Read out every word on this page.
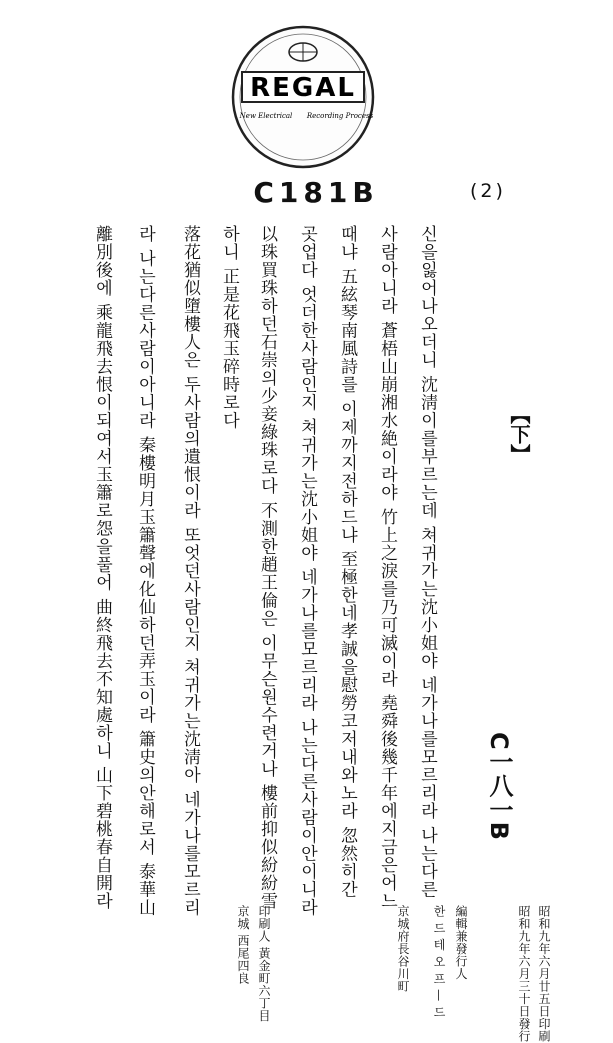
REGAL
New Electrical Recording Process
C181B	(2)
【下】
신을잃어나오더니 沈淸이를부르는데 쳐귀가는沈小姐야 네가나를모르리라 나는다른
사람아니라 蒼梧山崩湘水絶이라야 竹上之淚를乃可滅이라 堯舜後幾千年에지금은어느
때냐 五絃琴南風詩를 이제까지전하드냐 至極한네孝誠을慰勞코저내와노라 忽然히간
곳업다 엇더한사람인지 쳐귀가는沈小姐야 네가나를모르리라 나는다른사람이안이니라
以珠買珠하던石崇의少妾綠珠로다 不測한趙王倫은 이무슨원수련거나 樓前抑似紛紛雪
하니 正是花飛玉碎時로다
落花猶似墮樓人은 두사람의遺恨이라 또엇던사람인지 쳐귀가는沈淸아 네가나를모르리
라 나는다른사람이아니라 秦樓明月玉簫聲에化仙하던弄玉이라 簫史의안해로서 泰華山
離別後에 乘龍飛去恨이되여서玉簫로怨을풀어 曲終飛去不知處하니 山下碧桃春自開라	C一八一B
昭和九年六月廿五日印刷
昭和九年六月三十日發行
編輯兼發行人
한 드 테 오 프 — 드
京城府長谷川町
印刷人 黃金町六丁目
京城 西尾四良
